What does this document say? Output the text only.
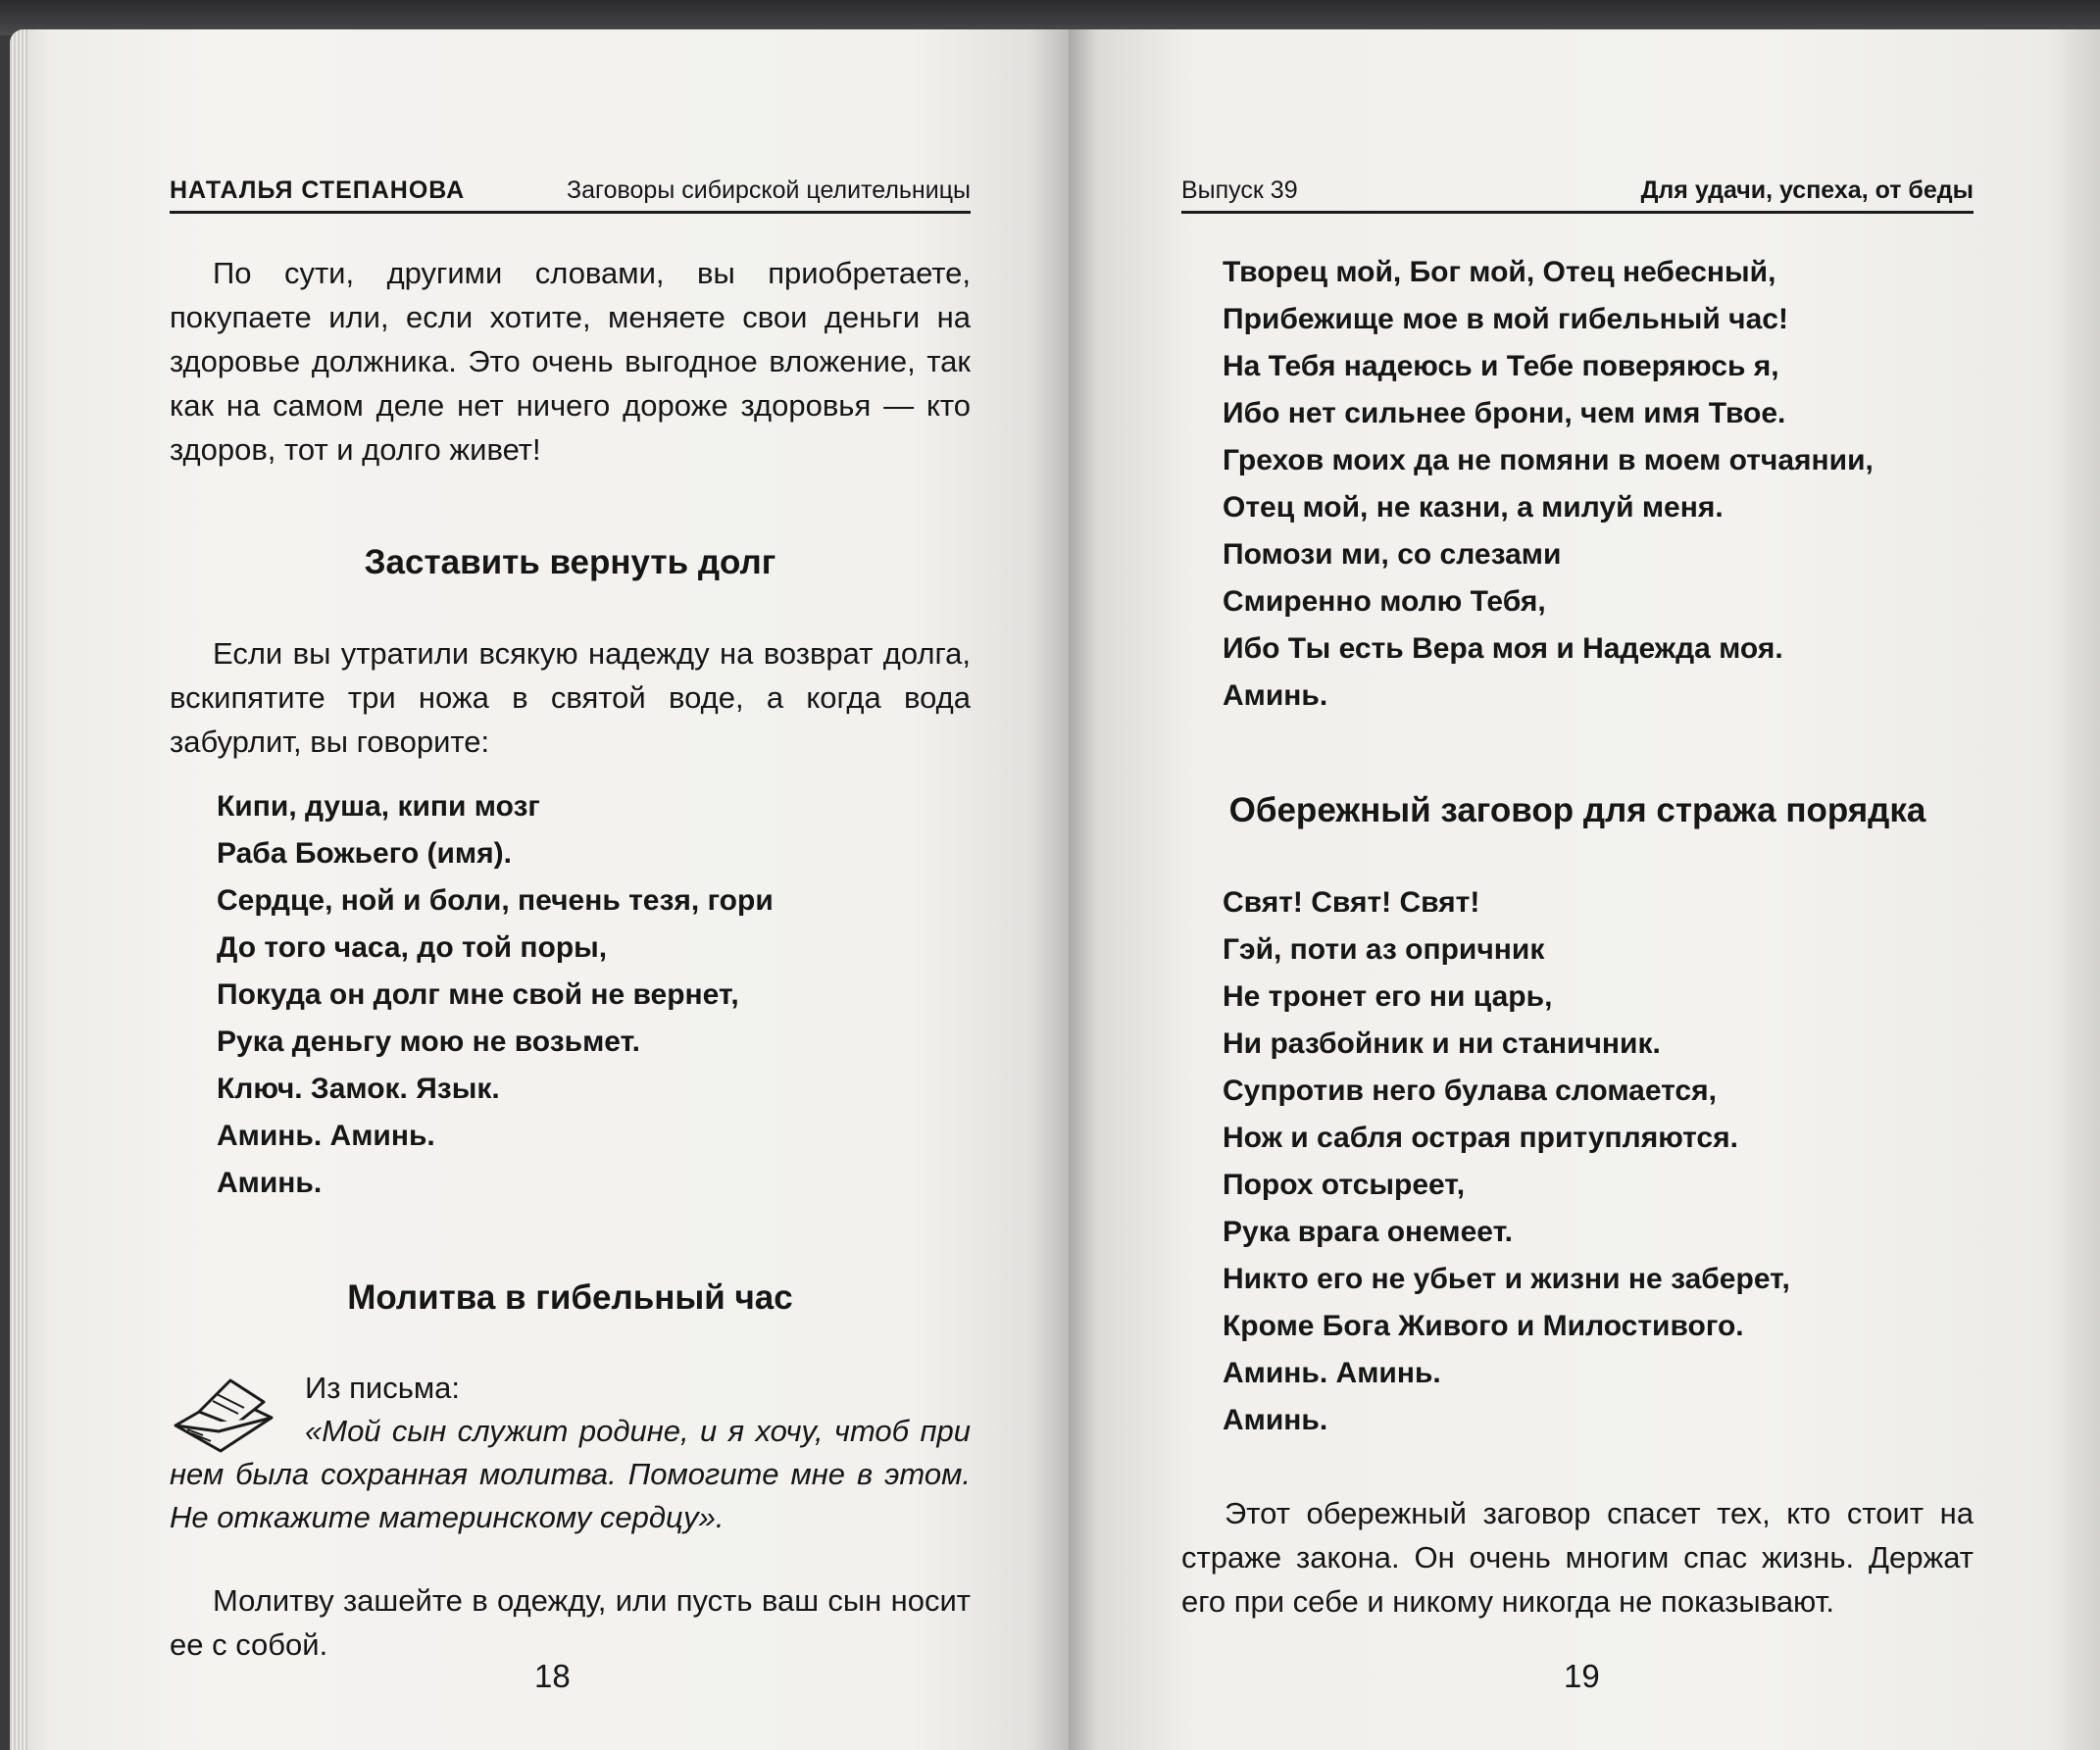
НАТАЛЬЯ СТЕПАНОВА	Заговоры сибирской целительницы

По сути, другими словами, вы приобретаете, покупаете или, если хотите, меняете свои деньги на здоровье должника. Это очень выгодное вложение, так как на самом деле нет ничего дороже здоровья — кто здоров, тот и долго живет!

Заставить вернуть долг

Если вы утратили всякую надежду на возврат долга, вскипятите три ножа в святой воде, а когда вода забурлит, вы говорите:

Кипи, душа, кипи мозг
Раба Божьего (имя).
Сердце, ной и боли, печень тезя, гори
До того часа, до той поры,
Покуда он долг мне свой не вернет,
Рука деньгу мою не возьмет.
Ключ. Замок. Язык.
Аминь. Аминь.
Аминь.
Молитва в гибельный час

Из письма:

«Мой сын служит родине, и я хочу, чтоб при нем была сохранная молитва. Помогите мне в этом. Не откажите материнскому сердцу».

Молитву зашейте в одежду, или пусть ваш сын носит ее с собой.

18
Выпуск 39	Для удачи, успеха, от беды
Творец мой, Бог мой, Отец небесный,
Прибежище мое в мой гибельный час!
На Тебя надеюсь и Тебе поверяюсь я,
Ибо нет сильнее брони, чем имя Твое.
Грехов моих да не помяни в моем отчаянии,
Отец мой, не казни, а милуй меня.
Помози ми, со слезами
Смиренно молю Тебя,
Ибо Ты есть Вера моя и Надежда моя.
Аминь.
Обережный заговор для стража порядка
Свят! Свят! Свят!
Гэй, поти аз опричник
Не тронет его ни царь,
Ни разбойник и ни станичник.
Супротив него булава сломается,
Нож и сабля острая притупляются.
Порох отсыреет,
Рука врага онемеет.
Никто его не убьет и жизни не заберет,
Кроме Бога Живого и Милостивого.
Аминь. Аминь.
Аминь.

Этот обережный заговор спасет тех, кто стоит на страже закона. Он очень многим спас жизнь. Держат его при себе и никому никогда не показывают.

19
